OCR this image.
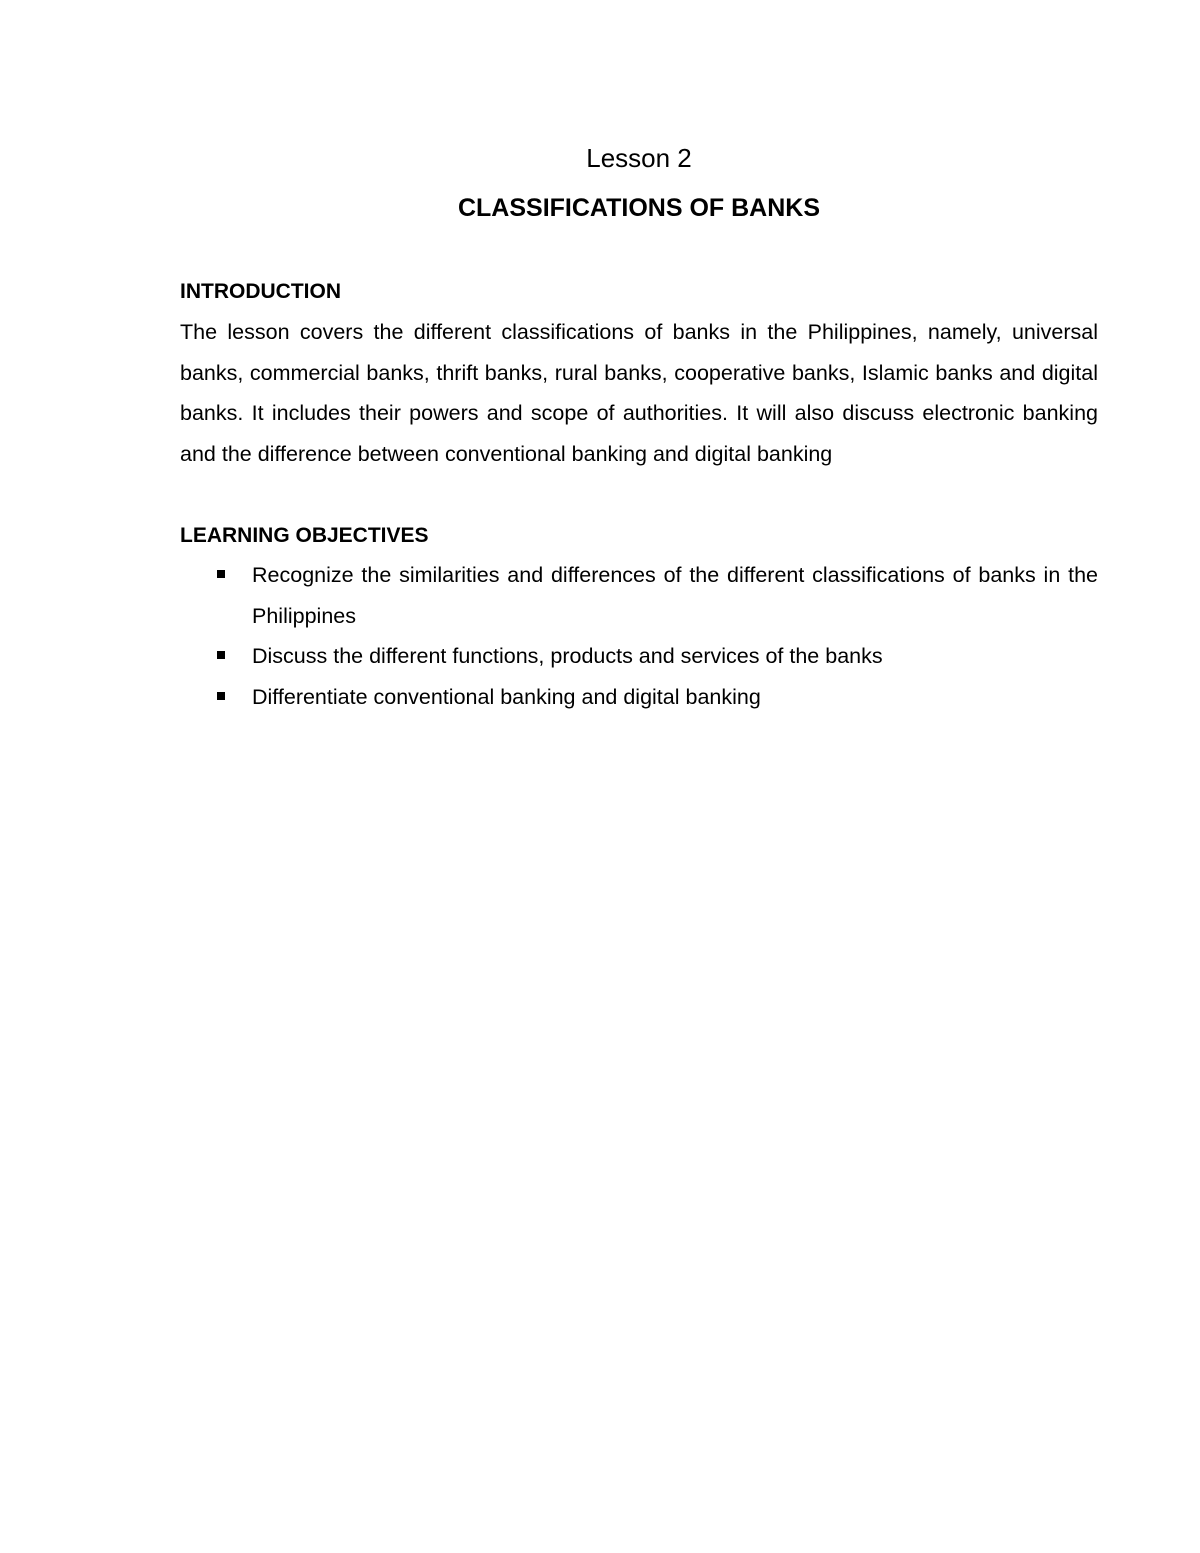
Lesson 2
CLASSIFICATIONS OF BANKS
INTRODUCTION

The lesson covers the different classifications of banks in the Philippines, namely, universal banks, commercial banks, thrift banks, rural banks, cooperative banks, Islamic banks and digital banks. It includes their powers and scope of authorities. It will also discuss electronic banking and the difference between conventional banking and digital banking

LEARNING OBJECTIVES
Recognize the similarities and differences of the different classifications of banks in the Philippines
Discuss the different functions, products and services of the banks
Differentiate conventional banking and digital banking
